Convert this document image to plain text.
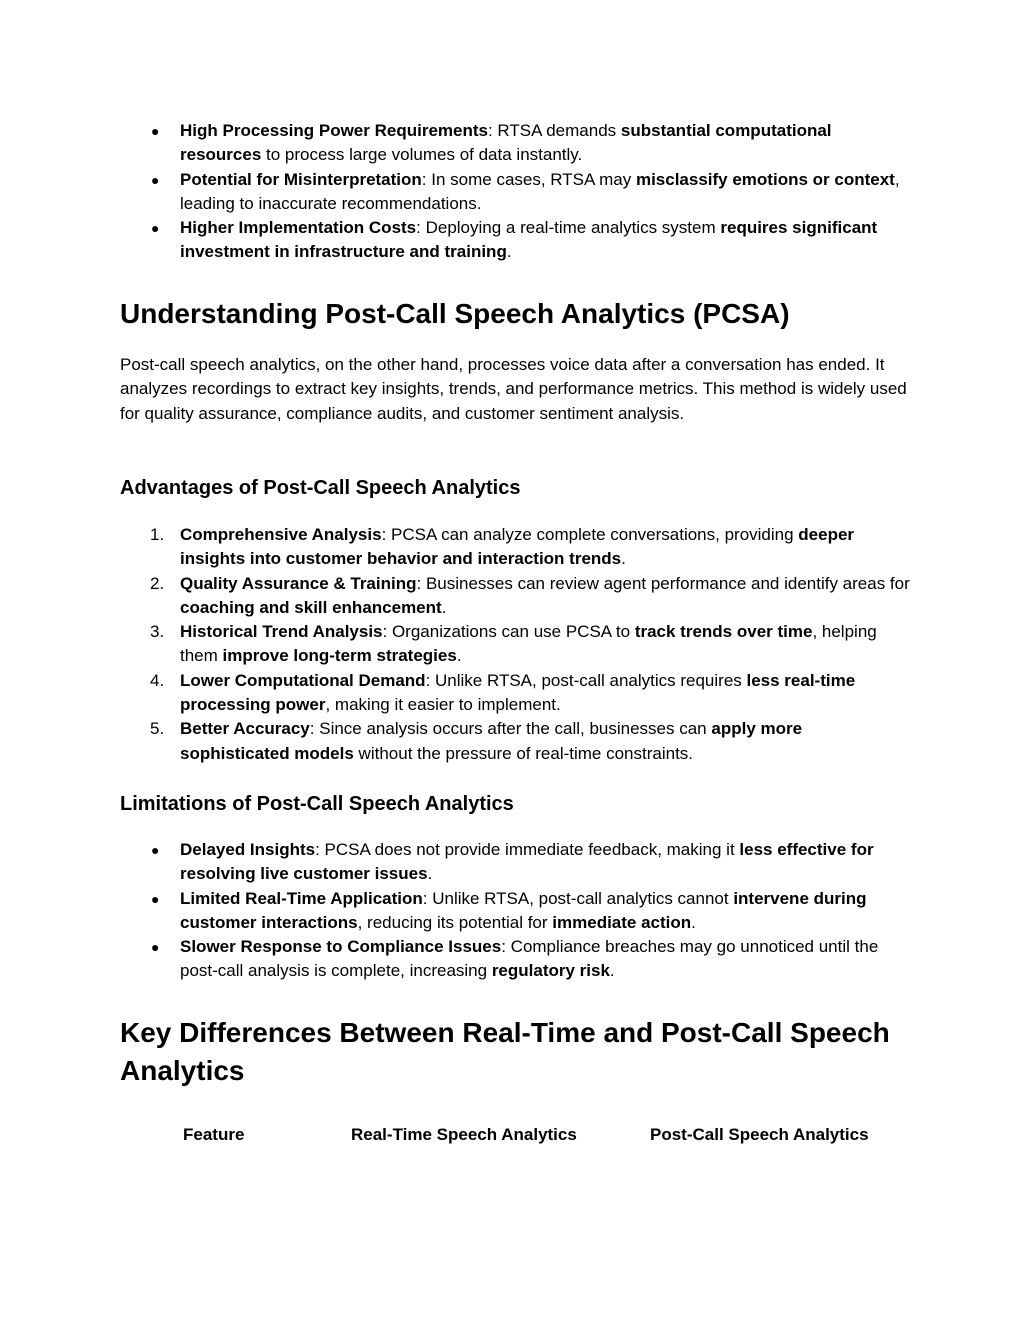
● High Processing Power Requirements: RTSA demands substantial computational resources to process large volumes of data instantly.
● Potential for Misinterpretation: In some cases, RTSA may misclassify emotions or context, leading to inaccurate recommendations.
● Higher Implementation Costs: Deploying a real-time analytics system requires significant investment in infrastructure and training.
Understanding Post-Call Speech Analytics (PCSA)

Post-call speech analytics, on the other hand, processes voice data after a conversation has ended. It analyzes recordings to extract key insights, trends, and performance metrics. This method is widely used for quality assurance, compliance audits, and customer sentiment analysis.

Advantages of Post-Call Speech Analytics
1. Comprehensive Analysis: PCSA can analyze complete conversations, providing deeper insights into customer behavior and interaction trends.
2. Quality Assurance & Training: Businesses can review agent performance and identify areas for coaching and skill enhancement.
3. Historical Trend Analysis: Organizations can use PCSA to track trends over time, helping them improve long-term strategies.
4. Lower Computational Demand: Unlike RTSA, post-call analytics requires less real-time processing power, making it easier to implement.
5. Better Accuracy: Since analysis occurs after the call, businesses can apply more sophisticated models without the pressure of real-time constraints.
Limitations of Post-Call Speech Analytics
● Delayed Insights: PCSA does not provide immediate feedback, making it less effective for resolving live customer issues.
● Limited Real-Time Application: Unlike RTSA, post-call analytics cannot intervene during customer interactions, reducing its potential for immediate action.
● Slower Response to Compliance Issues: Compliance breaches may go unnoticed until the post-call analysis is complete, increasing regulatory risk.
Key Differences Between Real-Time and Post-Call Speech Analytics
Feature	Real-Time Speech Analytics	Post-Call Speech Analytics
